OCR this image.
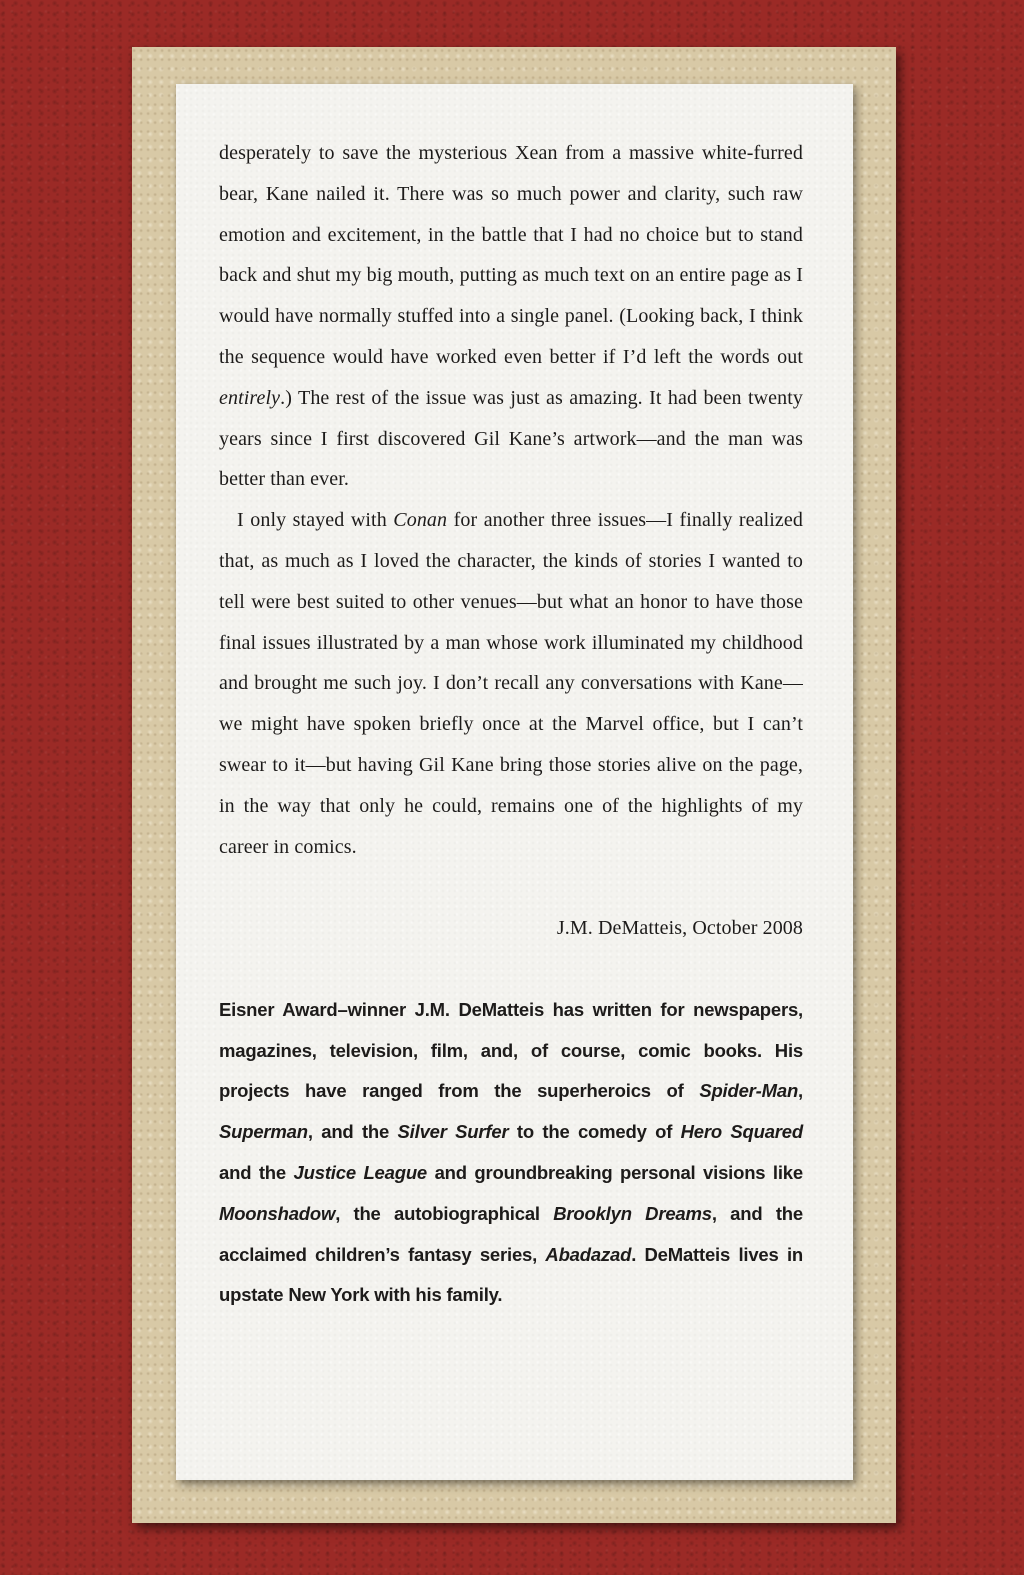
desperately to save the mysterious Xean from a massive white-furred bear, Kane nailed it. There was so much power and clarity, such raw emotion and excitement, in the battle that I had no choice but to stand back and shut my big mouth, putting as much text on an entire page as I would have normally stuffed into a single panel. (Looking back, I think the sequence would have worked even better if I’d left the words out entirely.) The rest of the issue was just as amazing. It had been twenty years since I first discovered Gil Kane’s artwork—and the man was better than ever.

I only stayed with Conan for another three issues—I finally realized that, as much as I loved the character, the kinds of stories I wanted to tell were best suited to other venues—but what an honor to have those final issues illustrated by a man whose work illuminated my childhood and brought me such joy. I don’t recall any conversations with Kane—we might have spoken briefly once at the Marvel office, but I can’t swear to it—but having Gil Kane bring those stories alive on the page, in the way that only he could, remains one of the highlights of my career in comics.

J.M. DeMatteis, October 2008

Eisner Award–winner J.M. DeMatteis has written for newspapers, magazines, television, film, and, of course, comic books. His projects have ranged from the superheroics of Spider-Man, Superman, and the Silver Surfer to the comedy of Hero Squared and the Justice League and groundbreaking personal visions like Moonshadow, the autobiographical Brooklyn Dreams, and the acclaimed children’s fantasy series, Abadazad. DeMatteis lives in upstate New York with his family.
